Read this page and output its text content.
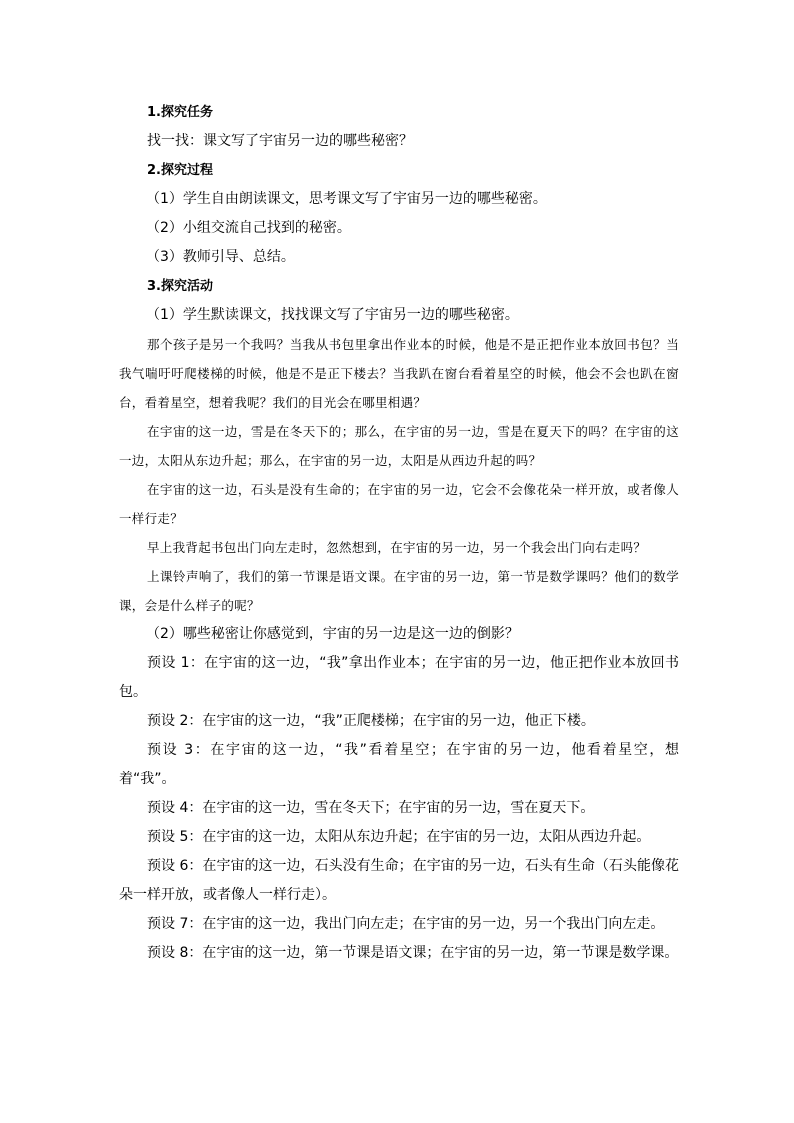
1.探究任务

找一找：课文写了宇宙另一边的哪些秘密？

2.探究过程

（1）学生自由朗读课文，思考课文写了宇宙另一边的哪些秘密。

（2）小组交流自己找到的秘密。

（3）教师引导、总结。

3.探究活动

（1）学生默读课文，找找课文写了宇宙另一边的哪些秘密。

那个孩子是另一个我吗？当我从书包里拿出作业本的时候，他是不是正把作业本放回书包？当我气喘吁吁爬楼梯的时候，他是不是正下楼去？当我趴在窗台看着星空的时候，他会不会也趴在窗台，看着星空，想着我呢？我们的目光会在哪里相遇？

在宇宙的这一边，雪是在冬天下的；那么，在宇宙的另一边，雪是在夏天下的吗？在宇宙的这一边，太阳从东边升起；那么，在宇宙的另一边，太阳是从西边升起的吗？

在宇宙的这一边，石头是没有生命的；在宇宙的另一边，它会不会像花朵一样开放，或者像人一样行走？

早上我背起书包出门向左走时，忽然想到，在宇宙的另一边，另一个我会出门向右走吗？

上课铃声响了，我们的第一节课是语文课。在宇宙的另一边，第一节是数学课吗？他们的数学课，会是什么样子的呢？

（2）哪些秘密让你感觉到，宇宙的另一边是这一边的倒影？

预设 1：在宇宙的这一边，“我”拿出作业本；在宇宙的另一边，他正把作业本放回书包。

预设 2：在宇宙的这一边，“我”正爬楼梯；在宇宙的另一边，他正下楼。

预设 3：在宇宙的这一边，“我”看着星空；在宇宙的另一边，他看着星空，想着“我”。

预设 4：在宇宙的这一边，雪在冬天下；在宇宙的另一边，雪在夏天下。

预设 5：在宇宙的这一边，太阳从东边升起；在宇宙的另一边，太阳从西边升起。

预设 6：在宇宙的这一边，石头没有生命；在宇宙的另一边，石头有生命（石头能像花朵一样开放，或者像人一样行走）。

预设 7：在宇宙的这一边，我出门向左走；在宇宙的另一边，另一个我出门向左走。

预设 8：在宇宙的这一边，第一节课是语文课；在宇宙的另一边，第一节课是数学课。
